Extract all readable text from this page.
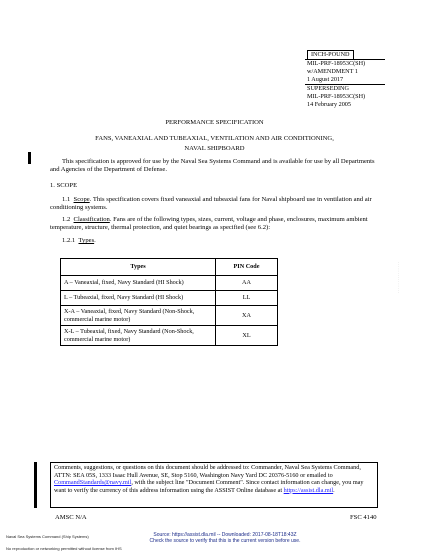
INCH-POUND
MIL-PRF-18953C(SH)
w/AMENDMENT 1
1 August 2017
SUPERSEDING
MIL-PRF-18953C(SH)
14 February 2005
PERFORMANCE SPECIFICATION
FANS, VANEAXIAL AND TUBEAXIAL, VENTILATION AND AIR CONDITIONING,
NAVAL SHIPBOARD
This specification is approved for use by the Naval Sea Systems Command and is available for use by all Departments and Agencies of the Department of Defense.
1. SCOPE
1.1 Scope. This specification covers fixed vaneaxial and tubeaxial fans for Naval shipboard use in ventilation and air conditioning systems.
1.2 Classification. Fans are of the following types, sizes, current, voltage and phase, enclosures, maximum ambient temperature, structure, thermal protection, and quiet bearings as specified (see 6.2):
1.2.1 Types.
Types	PIN Code
A – Vaneaxial, fixed, Navy Standard (HI Shock)	AA
L – Tubeaxial, fixed, Navy Standard (HI Shock)	LL
X-A – Vaneaxial, fixed, Navy Standard (Non-Shock, commercial marine motor)	XA
X-L – Tubeaxial, fixed, Navy Standard (Non-Shock, commercial marine motor)	XL
· · · · · · · · · · · · · · ·
Comments, suggestions, or questions on this document should be addressed to: Commander, Naval Sea Systems Command, ATTN: SEA 05S, 1333 Isaac Hull Avenue, SE, Stop 5160, Washington Navy Yard DC 20376-5160 or emailed to CommandStandards@navy.mil, with the subject line "Document Comment". Since contact information can change, you may want to verify the currency of this address information using the ASSIST Online database at https://assist.dla.mil.
AMSC N/A	FSC 4140
Naval Sea Systems Command (Ship Systems)
No reproduction or networking permitted without license from IHS
Source: https://assist.dla.mil -- Downloaded: 2017-08-18T18:43Z
Check the source to verify that this is the current version before use.
